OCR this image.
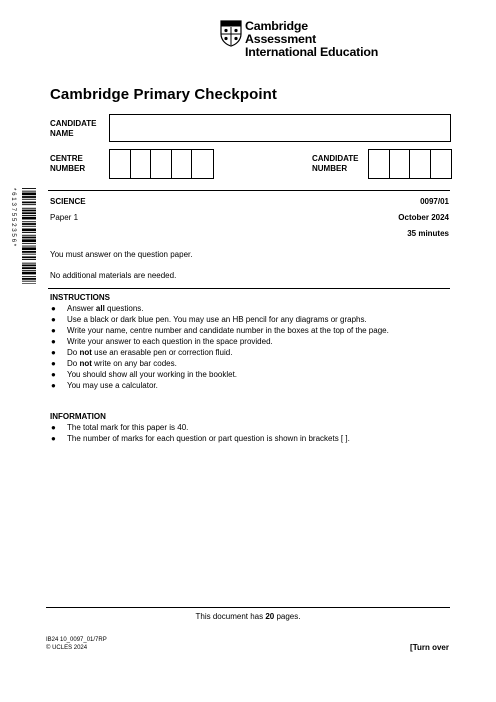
Cambridge Assessment
International Education
Cambridge Primary Checkpoint
CANDIDATE
NAME
CENTRE
NUMBER
CANDIDATE
NUMBER
* 6 1 3 7 5 5 2 3 5 6 *	SCIENCE	0097/01
Paper 1	October 2024
35 minutes
You must answer on the question paper.
No additional materials are needed.
INSTRUCTIONS
● Answer all questions.
● Use a black or dark blue pen. You may use an HB pencil for any diagrams or graphs.
● Write your name, centre number and candidate number in the boxes at the top of the page.
● Write your answer to each question in the space provided.
● Do not use an erasable pen or correction fluid.
● Do not write on any bar codes.
● You should show all your working in the booklet.
● You may use a calculator.
INFORMATION
● The total mark for this paper is 40.
● The number of marks for each question or part question is shown in brackets [ ].
This document has 20 pages.
IB24 10_0097_01/7RP
© UCLES 2024	[Turn over
